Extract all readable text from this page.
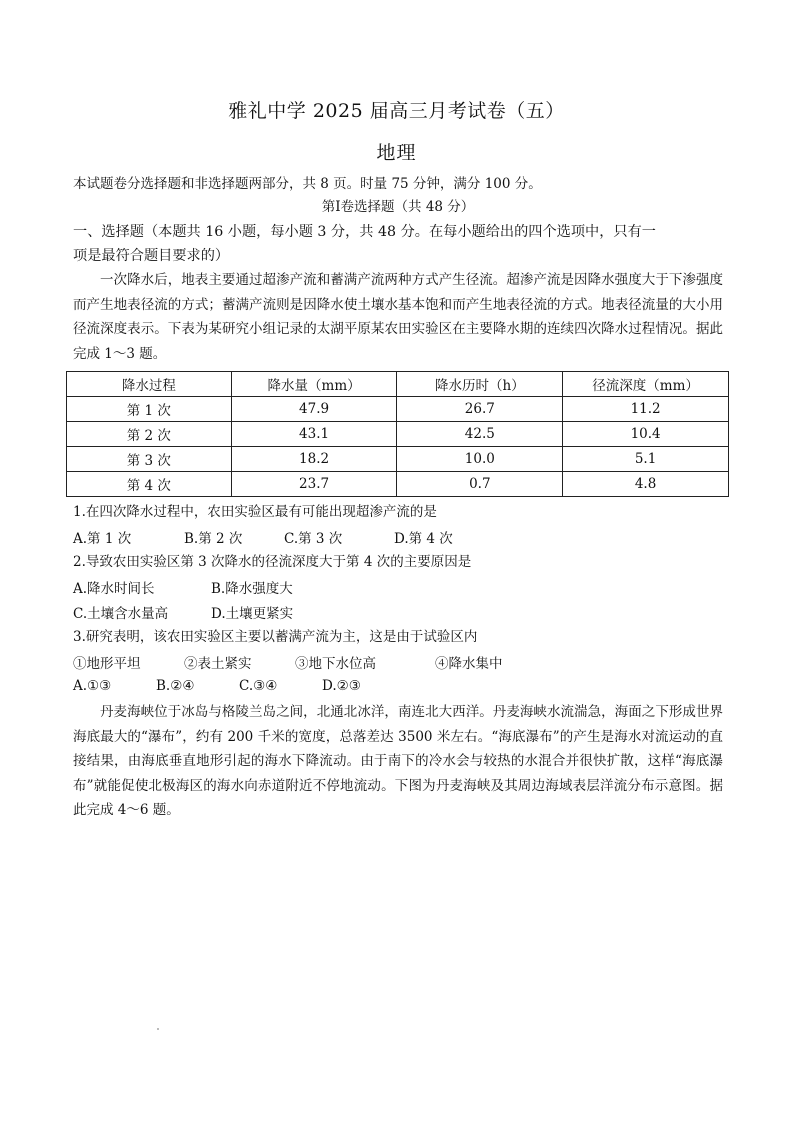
雅礼中学 2025 届高三月考试卷（五）
地理
本试题卷分选择题和非选择题两部分，共 8 页。时量 75 分钟，满分 100 分。
第Ⅰ卷选择题（共 48 分）
一、选择题（本题共 16 小题，每小题 3 分，共 48 分。在每小题给出的四个选项中，只有一
项是最符合题目要求的）
一次降水后，地表主要通过超渗产流和蓄满产流两种方式产生径流。超渗产流是因降水强度大于下渗强度而产生地表径流的方式；蓄满产流则是因降水使土壤水基本饱和而产生地表径流的方式。地表径流量的大小用径流深度表示。下表为某研究小组记录的太湖平原某农田实验区在主要降水期的连续四次降水过程情况。据此完成 1～3 题。
降水过程	降水量（mm）	降水历时（h）	径流深度（mm）
第 1 次	47.9	26.7	11.2
第 2 次	43.1	42.5	10.4
第 3 次	18.2	10.0	5.1
第 4 次	23.7	0.7	4.8
1.在四次降水过程中，农田实验区最有可能出现超渗产流的是
A.第 1 次	B.第 2 次	C.第 3 次	D.第 4 次
2.导致农田实验区第 3 次降水的径流深度大于第 4 次的主要原因是
A.降水时间长	B.降水强度大
C.土壤含水量高	D.土壤更紧实
3.研究表明，该农田实验区主要以蓄满产流为主，这是由于试验区内
①地形平坦	②表土紧实	③地下水位高	④降水集中
A.①③	B.②④	C.③④	D.②③
丹麦海峡位于冰岛与格陵兰岛之间，北通北冰洋，南连北大西洋。丹麦海峡水流湍急，海面之下形成世界海底最大的“瀑布”，约有 200 千米的宽度，总落差达 3500 米左右。“海底瀑布”的产生是海水对流运动的直接结果，由海底垂直地形引起的海水下降流动。由于南下的冷水会与较热的水混合并很快扩散，这样“海底瀑布”就能促使北极海区的海水向赤道附近不停地流动。下图为丹麦海峡及其周边海域表层洋流分布示意图。据此完成 4～6 题。
